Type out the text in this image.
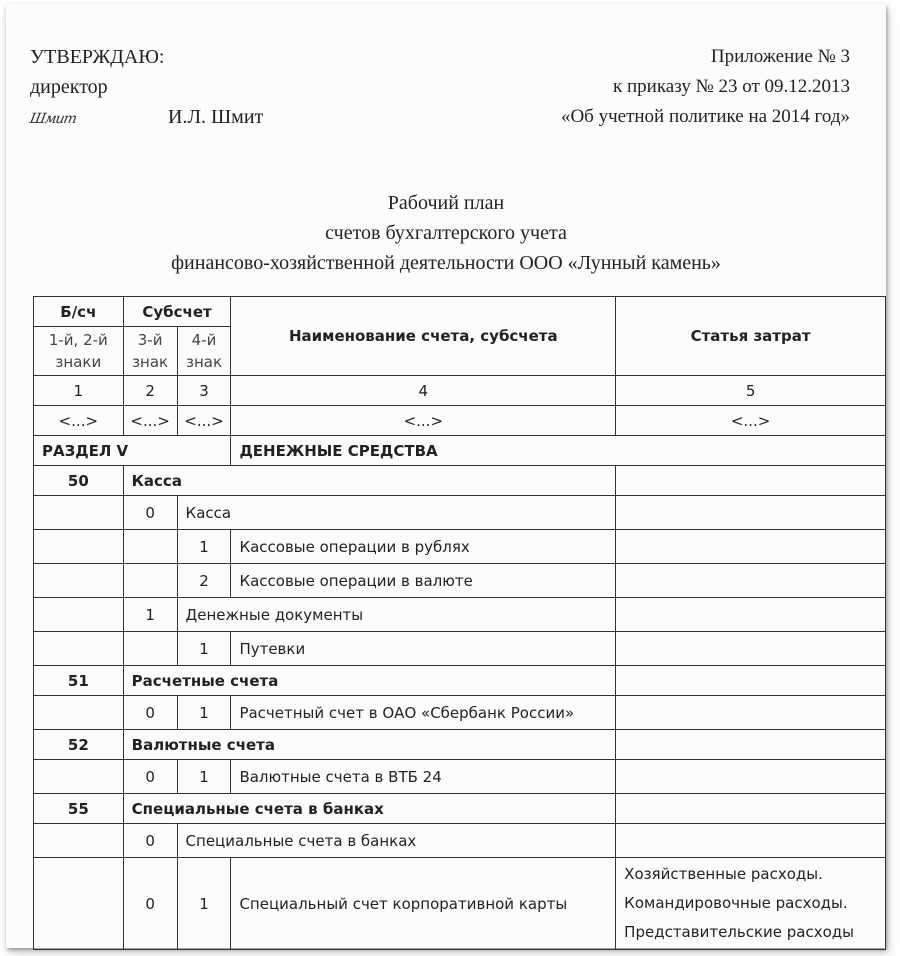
УТВЕРЖДАЮ:
директор
Шмит	И.Л. Шмит
Приложение № 3
к приказу № 23 от 09.12.2013
«Об учетной политике на 2014 год»
Рабочий план
счетов бухгалтерского учета
финансово-хозяйственной деятельности ООО «Лунный камень»
Б/сч	Субсчет		Наименование счета, субсчета	Статья затрат
1-й, 2-й знаки	3-й знак	4-й знак		
1	2	3	4	5
<...>	<...>	<...>	<...>	<...>
РАЗДЕЛ V			ДЕНЕЖНЫЕ СРЕДСТВА	
50	Касса			
	0	Касса		
		1	Кассовые операции в рублях	
		2	Кассовые операции в валюте	
	1	Денежные документы		
		1	Путевки	
51	Расчетные счета			
	0	1	Расчетный счет в ОАО «Сбербанк России»	
52	Валютные счета			
	0	1	Валютные счета в ВТБ 24	
55	Специальные счета в банках			
	0	Специальные счета в банках		
	0	1	Специальный счет корпоративной карты	Хозяйственные расходы.
Командировочные расходы.
Представительские расходы
